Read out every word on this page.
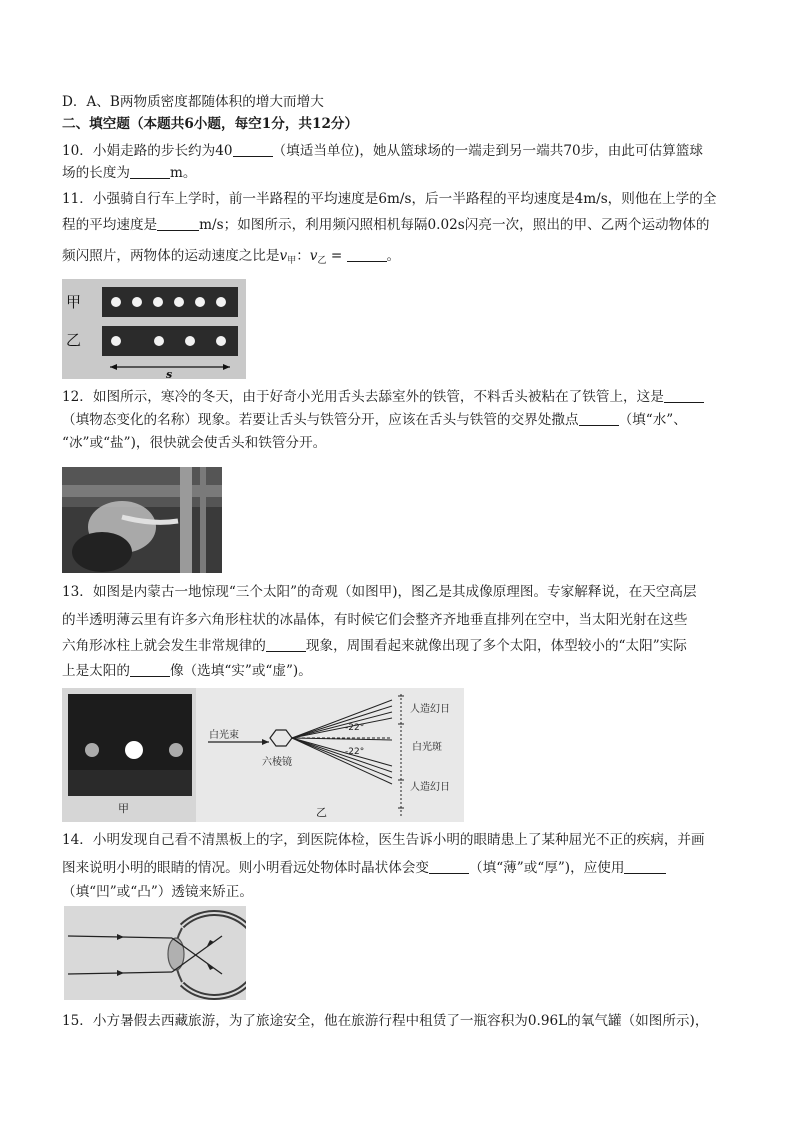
D．A、B两物质密度都随体积的增大而增大
二、填空题（本题共6小题，每空1分，共12分）
10．小娟走路的步长约为40	（填适当单位)，她从篮球场的一端走到另一端共70步，由此可估算篮球
场的长度为	m。
11．小强骑自行车上学时，前一半路程的平均速度是6m/s，后一半路程的平均速度是4m/s，则他在上学的全
程的平均速度是	m/s；如图所示，利用频闪照相机每隔0.02s闪亮一次，照出的甲、乙两个运动物体的
频闪照片，两物体的运动速度之比是$v_甲$：$v_乙$ =	。
甲
乙
s
12．如图所示，寒冷的冬天，由于好奇小光用舌头去舔室外的铁管，不料舌头被粘在了铁管上，这是
（填物态变化的名称）现象。若要让舌头与铁管分开，应该在舌头与铁管的交界处撒点	（填“水”、
“冰”或“盐”)，很快就会使舌头和铁管分开。
13．如图是内蒙古一地惊现“三个太阳”的奇观（如图甲)，图乙是其成像原理图。专家解释说，在天空高层
的半透明薄云里有许多六角形柱状的冰晶体，有时候它们会整齐齐地垂直排列在空中，当太阳光射在这些
六角形冰柱上就会发生非常规律的	现象，周围看起来就像出现了多个太阳，体型较小的“太阳”实际
上是太阳的	像（选填“实”或“虚”)。
甲
白光束
六棱镜
-22°
-22°
人造幻日
白光斑
人造幻日
乙
14．小明发现自己看不清黑板上的字，到医院体检，医生告诉小明的眼睛患上了某种屈光不正的疾病，并画
图来说明小明的眼睛的情况。则小明看远处物体时晶状体会变	（填“薄”或“厚”)，应使用
（填“凹”或“凸”）透镜来矫正。
15．小方暑假去西藏旅游，为了旅途安全，他在旅游行程中租赁了一瓶容积为0.96L的氧气罐（如图所示)，
